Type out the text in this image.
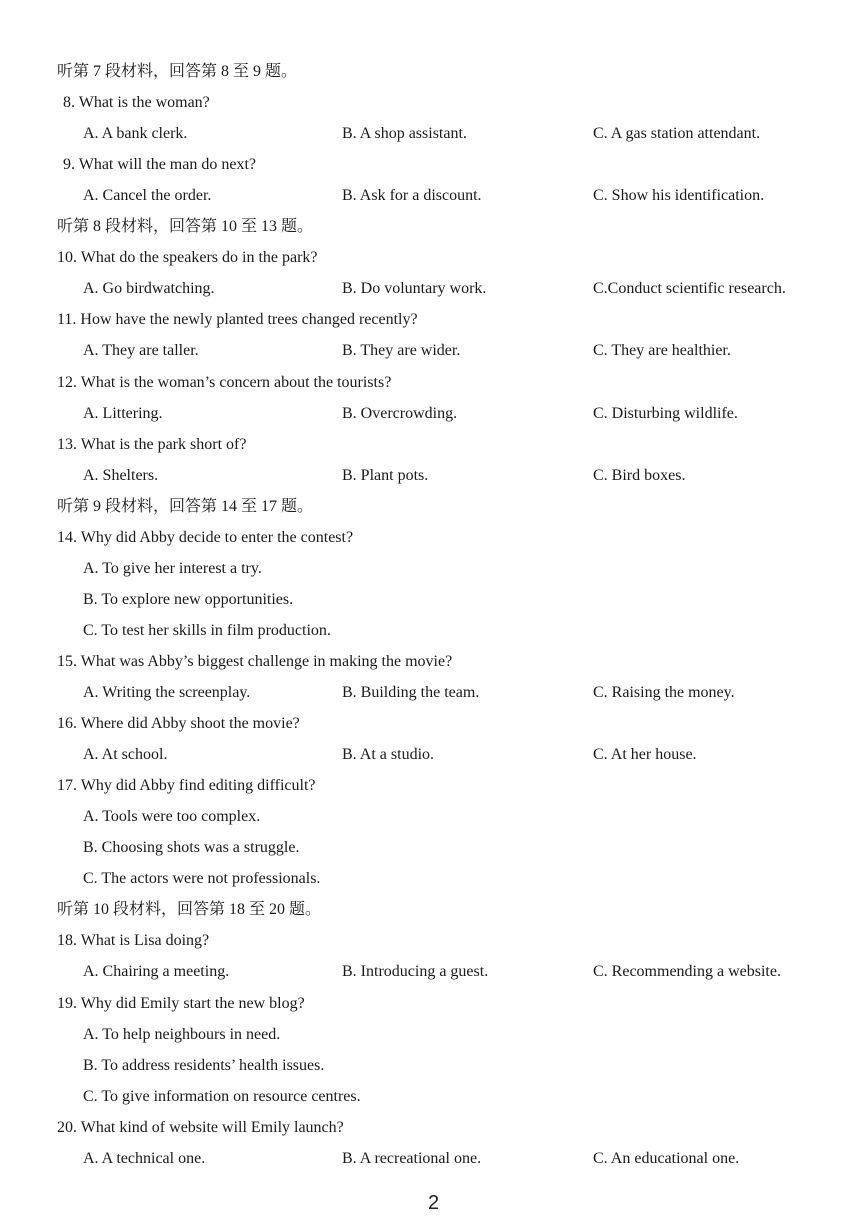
听第 7 段材料，回答第 8 至 9 题。
8. What is the woman?
A. A bank clerk.	B. A shop assistant.	C. A gas station attendant.
9. What will the man do next?
A. Cancel the order.	B. Ask for a discount.	C. Show his identification.
听第 8 段材料，回答第 10 至 13 题。
10. What do the speakers do in the park?
A. Go birdwatching.	B. Do voluntary work.	C.Conduct scientific research.
11. How have the newly planted trees changed recently?
A. They are taller.	B. They are wider.	C. They are healthier.
12. What is the woman’s concern about the tourists?
A. Littering.	B. Overcrowding.	C. Disturbing wildlife.
13. What is the park short of?
A. Shelters.	B. Plant pots.	C. Bird boxes.
听第 9 段材料，回答第 14 至 17 题。
14. Why did Abby decide to enter the contest?
A. To give her interest a try.
B. To explore new opportunities.
C. To test her skills in film production.
15. What was Abby’s biggest challenge in making the movie?
A. Writing the screenplay.	B. Building the team.	C. Raising the money.
16. Where did Abby shoot the movie?
A. At school.	B. At a studio.	C. At her house.
17. Why did Abby find editing difficult?
A. Tools were too complex.
B. Choosing shots was a struggle.
C. The actors were not professionals.
听第 10 段材料，回答第 18 至 20 题。
18. What is Lisa doing?
A. Chairing a meeting.	B. Introducing a guest.	C. Recommending a website.
19. Why did Emily start the new blog?
A. To help neighbours in need.
B. To address residents’ health issues.
C. To give information on resource centres.
20. What kind of website will Emily launch?
A. A technical one.	B. A recreational one.	C. An educational one.
2
